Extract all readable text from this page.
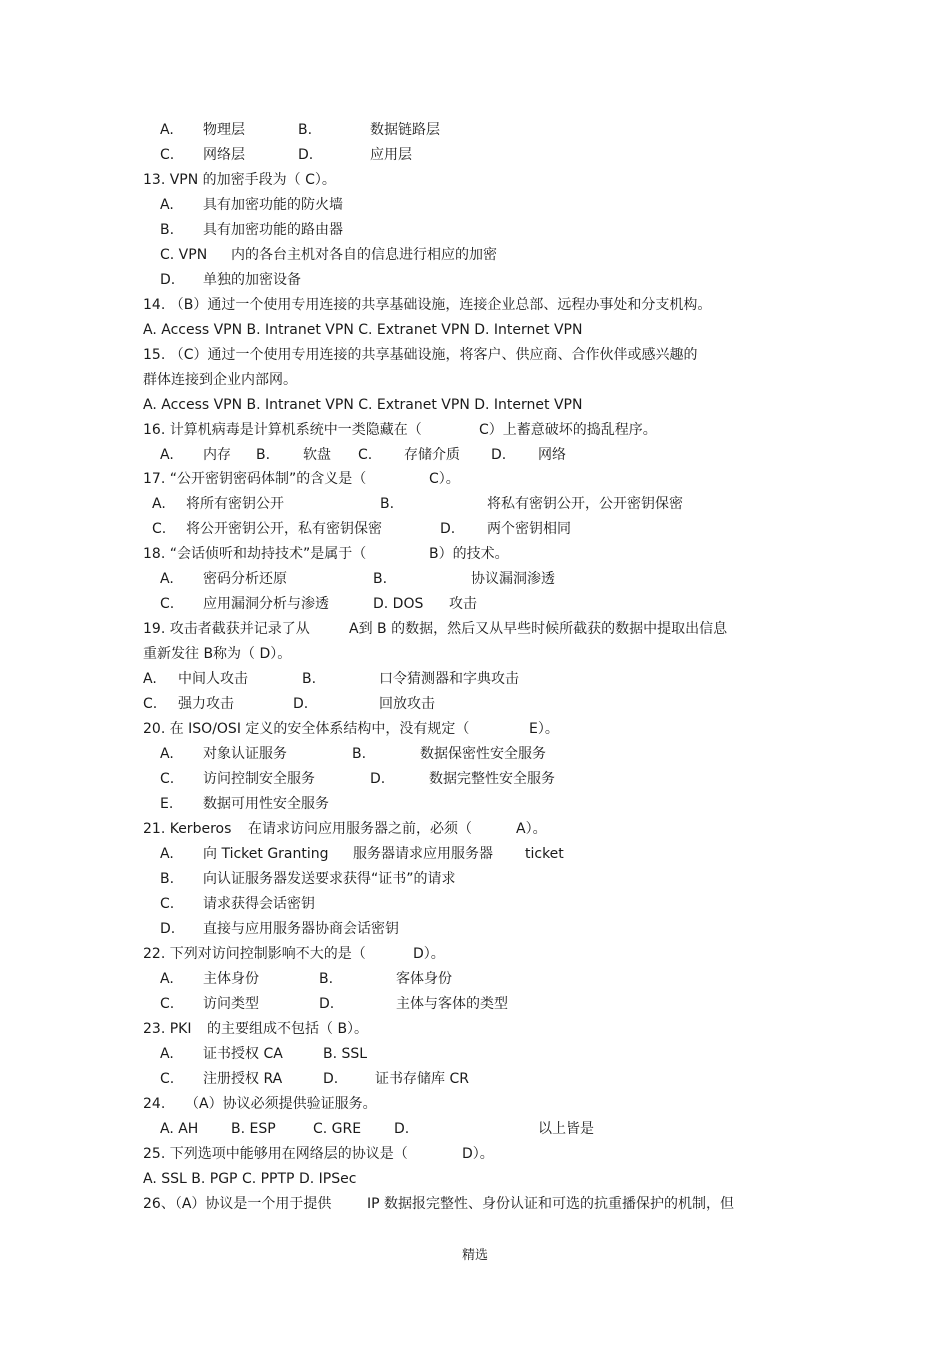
A. 物理层	B.	数据链路层
C. 网络层	D.	应用层
13. VPN 的加密手段为（ C）。
A. 具有加密功能的防火墙
B. 具有加密功能的路由器
C. VPN 内的各台主机对各自的信息进行相应的加密
D. 单独的加密设备
14. （B）通过一个使用专用连接的共享基础设施，连接企业总部、远程办事处和分支机构。
A. Access VPN B. Intranet VPN C. Extranet VPN D. Internet VPN
15. （C）通过一个使用专用连接的共享基础设施，将客户、供应商、合作伙伴或感兴趣的
群体连接到企业内部网。
A. Access VPN B. Intranet VPN C. Extranet VPN D. Internet VPN
16. 计算机病毒是计算机系统中一类隐藏在（	C）上蓄意破坏的捣乱程序。
A. 内存 B. 软盘 C. 存储介质 D. 网络
17. “公开密钥密码体制”的含义是（	C）。
A. 将所有密钥公开	B.	将私有密钥公开，公开密钥保密
C. 将公开密钥公开，私有密钥保密	D. 两个密钥相同
18. “会话侦听和劫持技术”是属于（	B）的技术。
A. 密码分析还原	B.	协议漏洞渗透
C. 应用漏洞分析与渗透	D. DOS 攻击
19. 攻击者截获并记录了从	A到 B 的数据，然后又从早些时候所截获的数据中提取出信息
重新发往 B称为（ D）。
A. 中间人攻击	B.	口令猜测器和字典攻击
C. 强力攻击	D.	回放攻击
20. 在 ISO/OSI 定义的安全体系结构中，没有规定（	E）。
A. 对象认证服务	B.	数据保密性安全服务
C. 访问控制安全服务	D.	数据完整性安全服务
E. 数据可用性安全服务
21. Kerberos 在请求访问应用服务器之前，必须（	A）。
A. 向 Ticket Granting 服务器请求应用服务器 ticket
B. 向认证服务器发送要求获得“证书”的请求
C. 请求获得会话密钥
D. 直接与应用服务器协商会话密钥
22. 下列对访问控制影响不大的是（	D）。
A. 主体身份	B.	客体身份
C. 访问类型	D.	主体与客体的类型
23. PKI 的主要组成不包括（ B）。
A. 证书授权 CA	B. SSL
C. 注册授权 RA	D.	证书存储库 CR
24. （A）协议必须提供验证服务。
A. AH B. ESP	C. GRE D.	以上皆是
25. 下列选项中能够用在网络层的协议是（	D）。
A. SSL B. PGP C. PPTP D. IPSec
26、（A）协议是一个用于提供	IP 数据报完整性、身份认证和可选的抗重播保护的机制，但
精选
